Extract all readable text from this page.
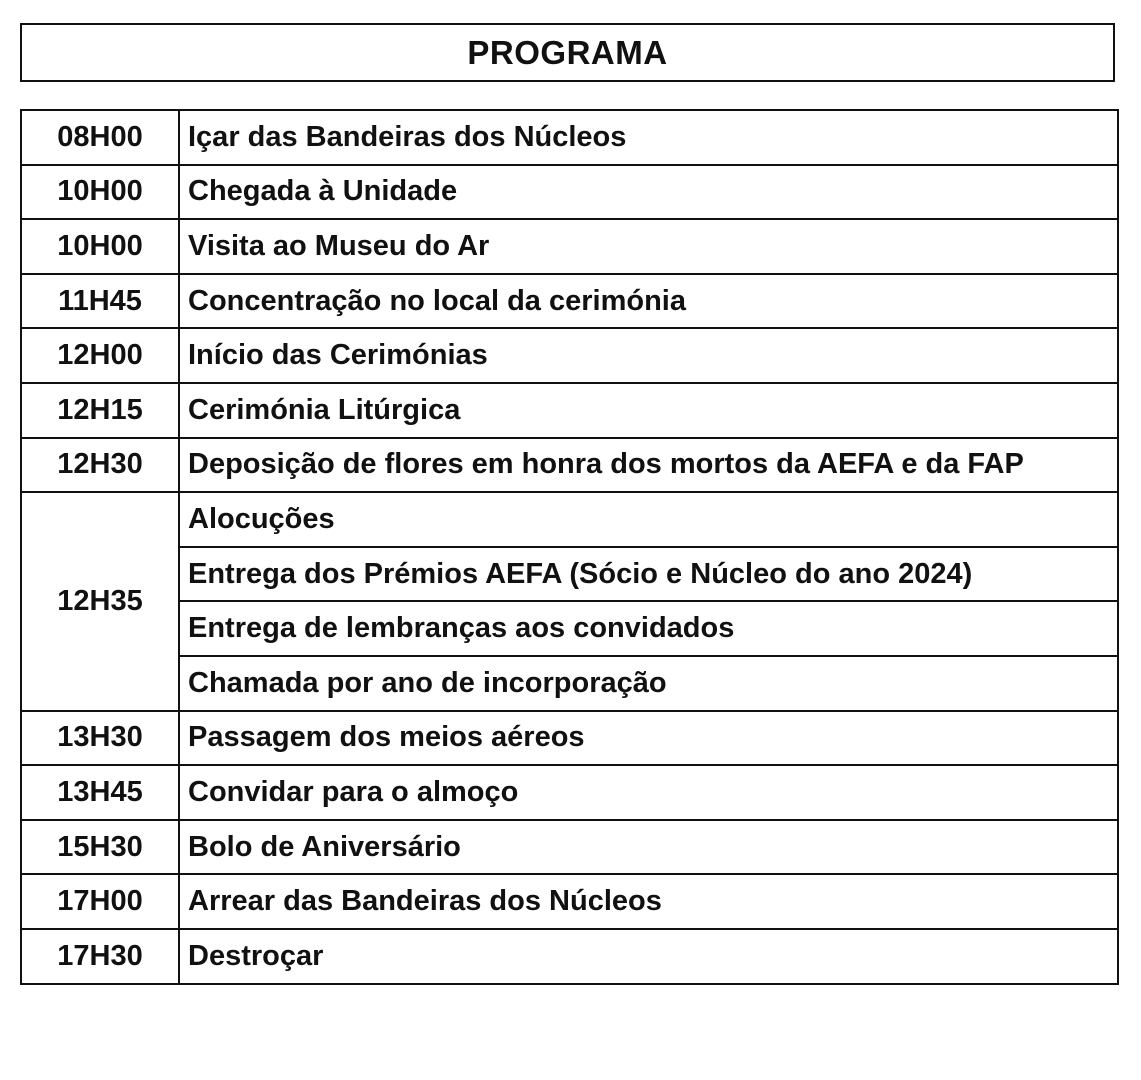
PROGRAMA
08H00	Içar das Bandeiras dos Núcleos
10H00	Chegada à Unidade
10H00	Visita ao Museu do Ar
11H45	Concentração no local da cerimónia
12H00	Início das Cerimónias
12H15	Cerimónia Litúrgica
12H30	Deposição de flores em honra dos mortos da AEFA e da FAP
12H35	Alocuções
	Entrega dos Prémios AEFA (Sócio e Núcleo do ano 2024)
	Entrega de lembranças aos convidados
	Chamada por ano de incorporação
13H30	Passagem dos meios aéreos
13H45	Convidar para o almoço
15H30	Bolo de Aniversário
17H00	Arrear das Bandeiras dos Núcleos
17H30	Destroçar
